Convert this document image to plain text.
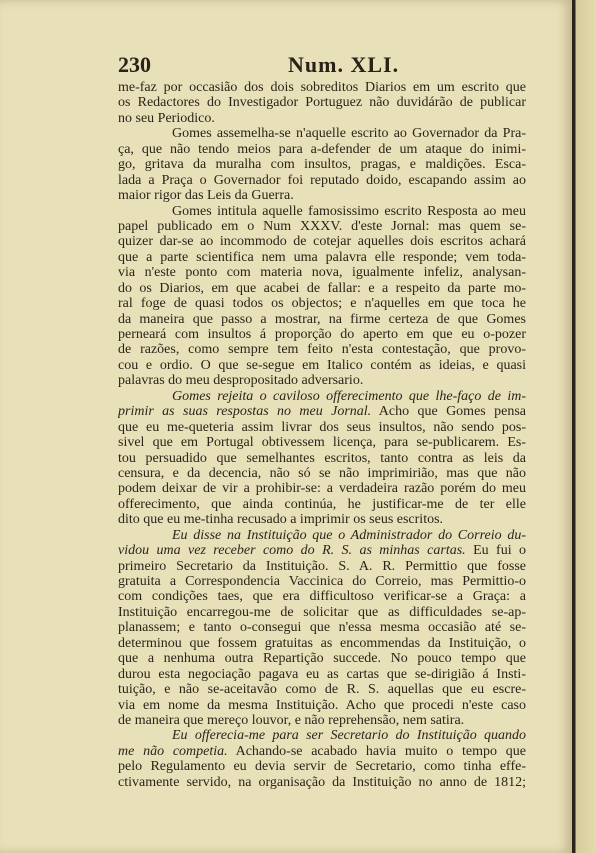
230	Num. XLI.
me-faz por occasião dos dois sobreditos Diarios em um escrito que
os Redactores do Investigador Portuguez não duvidárão de publicar
no seu Periodico.
Gomes assemelha-se n'aquelle escrito ao Governador da Pra-
ça, que não tendo meios para a-defender de um ataque do inimi-
go, gritava da muralha com insultos, pragas, e maldições. Esca-
lada a Praça o Governador foi reputado doido, escapando assim ao
maior rigor das Leis da Guerra.
Gomes intitula aquelle famosissimo escrito Resposta ao meu
papel publicado em o Num XXXV. d'este Jornal: mas quem se-
quizer dar-se ao incommodo de cotejar aquelles dois escritos achará
que a parte scientifica nem uma palavra elle responde; vem toda-
via n'este ponto com materia nova, igualmente infeliz, analysan-
do os Diarios, em que acabei de fallar: e a respeito da parte mo-
ral foge de quasi todos os objectos; e n'aquelles em que toca he
da maneira que passo a mostrar, na firme certeza de que Gomes
perneará com insultos á proporção do aperto em que eu o-pozer
de razões, como sempre tem feito n'esta contestação, que provo-
cou e ordio. O que se-segue em Italico contém as ideias, e quasi
palavras do meu despropositado adversario.
Gomes rejeita o caviloso offerecimento que lhe-faço de im-
primir as suas respostas no meu Jornal. Acho que Gomes pensa
que eu me-queteria assim livrar dos seus insultos, não sendo pos-
sivel que em Portugal obtivessem licença, para se-publicarem. Es-
tou persuadido que semelhantes escritos, tanto contra as leis da
censura, e da decencia, não só se não imprimirião, mas que não
podem deixar de vir a prohibir-se: a verdadeira razão porém do meu
offerecimento, que ainda continúa, he justificar-me de ter elle
dito que eu me-tinha recusado a imprimir os seus escritos.
Eu disse na Instituição que o Administrador do Correio du-
vidou uma vez receber como do R. S. as minhas cartas. Eu fui o
primeiro Secretario da Instituição. S. A. R. Permittio que fosse
gratuita a Correspondencia Vaccinica do Correio, mas Permittio-o
com condições taes, que era difficultoso verificar-se a Graça: a
Instituição encarregou-me de solicitar que as difficuldades se-ap-
planassem; e tanto o-consegui que n'essa mesma occasião até se-
determinou que fossem gratuitas as encommendas da Instituição, o
que a nenhuma outra Repartição succede. No pouco tempo que
durou esta negociação pagava eu as cartas que se-dirigião á Insti-
tuição, e não se-aceitavão como de R. S. aquellas que eu escre-
via em nome da mesma Instituição. Acho que procedi n'este caso
de maneira que mereço louvor, e não reprehensão, nem satira.
Eu offerecia-me para ser Secretario do Instituição quando
me não competia. Achando-se acabado havia muito o tempo que
pelo Regulamento eu devia servir de Secretario, como tinha effe-
ctivamente servido, na organisação da Instituição no anno de 1812;
